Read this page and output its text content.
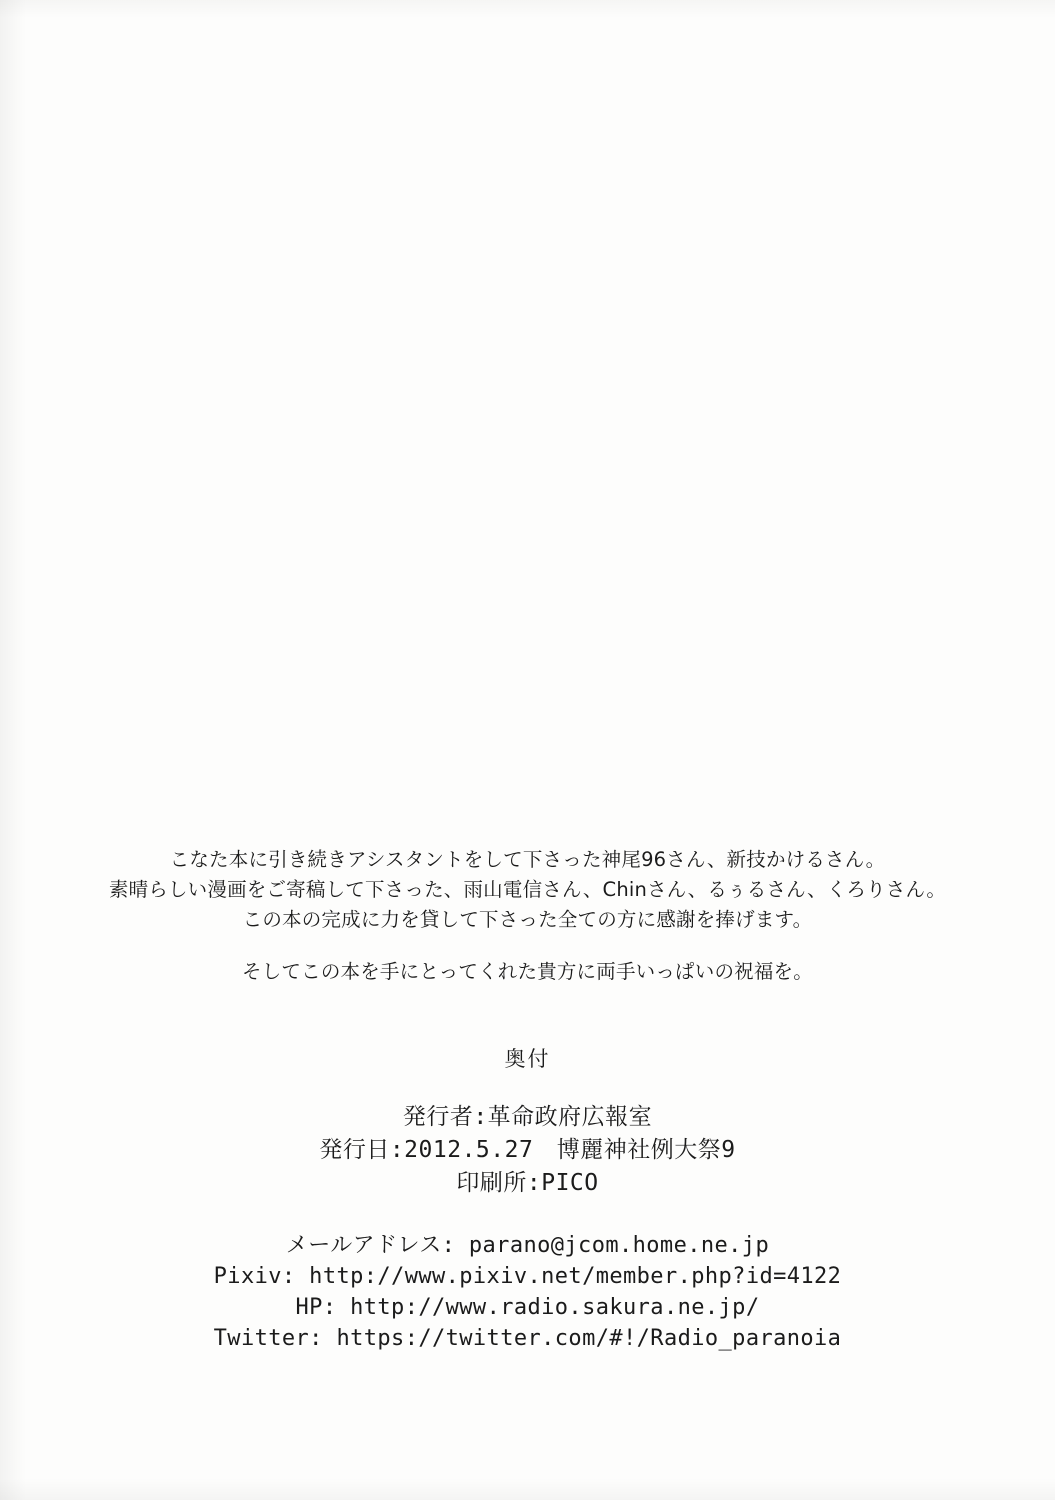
こなた本に引き続きアシスタントをして下さった神尾96さん、新技かけるさん。
素晴らしい漫画をご寄稿して下さった、雨山電信さん、Chinさん、るぅるさん、くろりさん。
この本の完成に力を貸して下さった全ての方に感謝を捧げます。
そしてこの本を手にとってくれた貴方に両手いっぱいの祝福を。
奥付
発行者:革命政府広報室
発行日:2012.5.27　博麗神社例大祭9
印刷所:PICO
メールアドレス: parano@jcom.home.ne.jp
Pixiv: http://www.pixiv.net/member.php?id=4122
HP: http://www.radio.sakura.ne.jp/
Twitter: https://twitter.com/#!/Radio_paranoia
